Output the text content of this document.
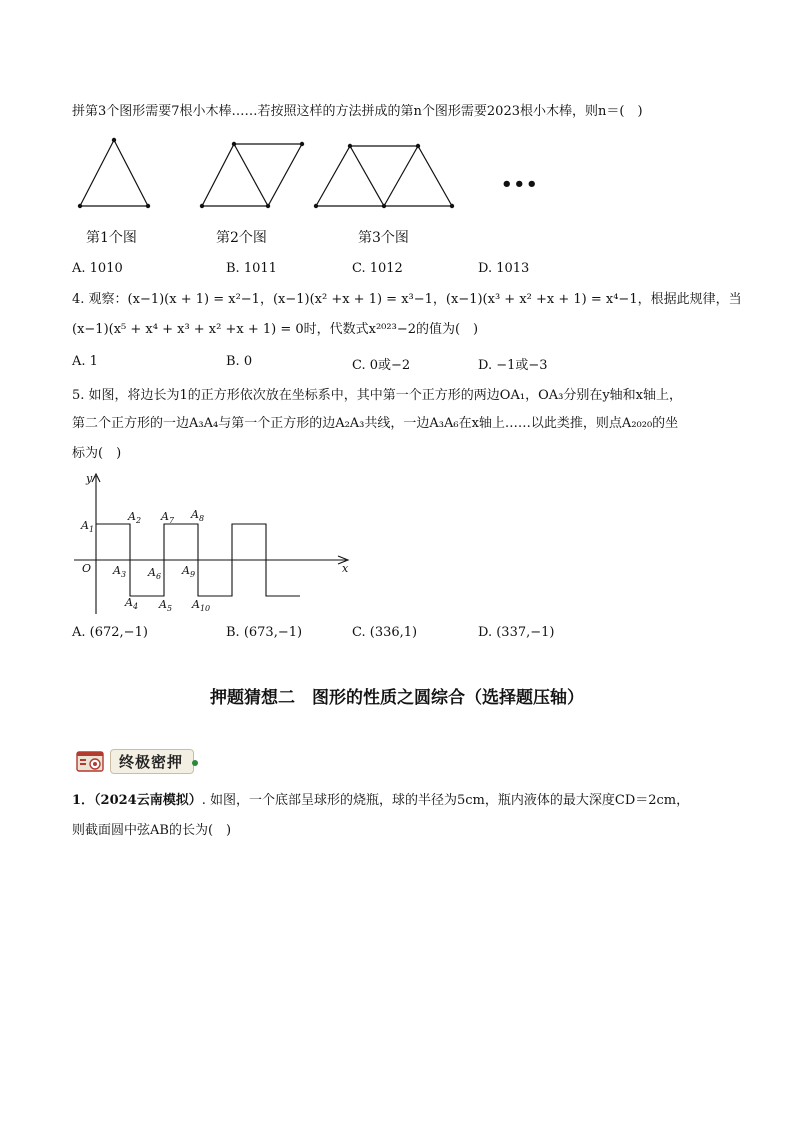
拼第3个图形需要7根小木棒……若按照这样的方法拼成的第n个图形需要2023根小木棒，则n＝(　)
•••
第1个图	第2个图	第3个图
A. 1010	B. 1011	C. 1012	D. 1013
4. 观察：(x−1)(x + 1) = x²−1，(x−1)(x² +x + 1) = x³−1，(x−1)(x³ + x² +x + 1) = x⁴−1，根据此规律，当
(x−1)(x⁵ + x⁴ + x³ + x² +x + 1) = 0时，代数式x²⁰²³−2的值为(　)
A. 1	B. 0	C. 0或−2	D. −1或−3
5. 如图，将边长为1的正方形依次放在坐标系中，其中第一个正方形的两边OA₁，OA₃分别在y轴和x轴上，
第二个正方形的一边A₃A₄与第一个正方形的边A₂A₃共线，一边A₃A₆在x轴上……以此类推，则点A₂₀₂₀的坐
标为(　)
y
x
O
$A_1$
$A_2$
$A_3$
$A_4$ $A_5$
$A_6$
$A_7$ $A_8$
$A_9$
$A_{10}$
A. (672,−1)	B. (673,−1)	C. (336,1)	D. (337,−1)
押题猜想二　图形的性质之圆综合（选择题压轴）
终极密押
1．（2024云南模拟）. 如图，一个底部呈球形的烧瓶，球的半径为5cm，瓶内液体的最大深度CD＝2cm，
则截面圆中弦AB的长为(　)
